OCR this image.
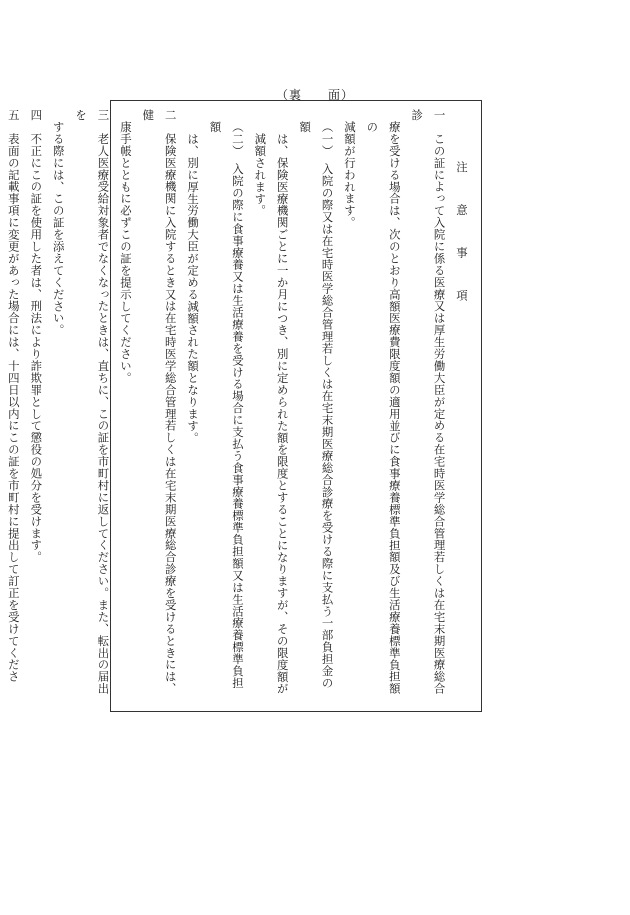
（裏　　面）
注　意　事　項
一　この証によって入院に係る医療又は厚生労働大臣が定める在宅時医学総合管理若しくは在宅末期医療総合診
療を受ける場合は、次のとおり高額医療費限度額の適用並びに食事療養標準負担額及び生活療養標準負担額の
減額が行われます。
（一）　入院の際又は在宅時医学総合管理若しくは在宅末期医療総合診療を受ける際に支払う一部負担金の額
は、保険医療機関ごとに一か月につき、別に定められた額を限度とすることになりますが、その限度額が
減額されます。
（二）　入院の際に食事療養又は生活療養を受ける場合に支払う食事療養標準負担額又は生活療養標準負担額
は、別に厚生労働大臣が定める減額された額となります。
二　保険医療機関に入院するとき又は在宅時医学総合管理若しくは在宅末期医療総合診療を受けるときには、健
康手帳とともに必ずこの証を提示してください。
三　老人医療受給対象者でなくなったときは、直ちに、この証を市町村に返してください。また、転出の届出を
する際には、この証を添えてください。
四　不正にこの証を使用した者は、刑法により詐欺罪として懲役の処分を受けます。
五　表面の記載事項に変更があった場合には、十四日以内にこの証を市町村に提出して訂正を受けてくださ
